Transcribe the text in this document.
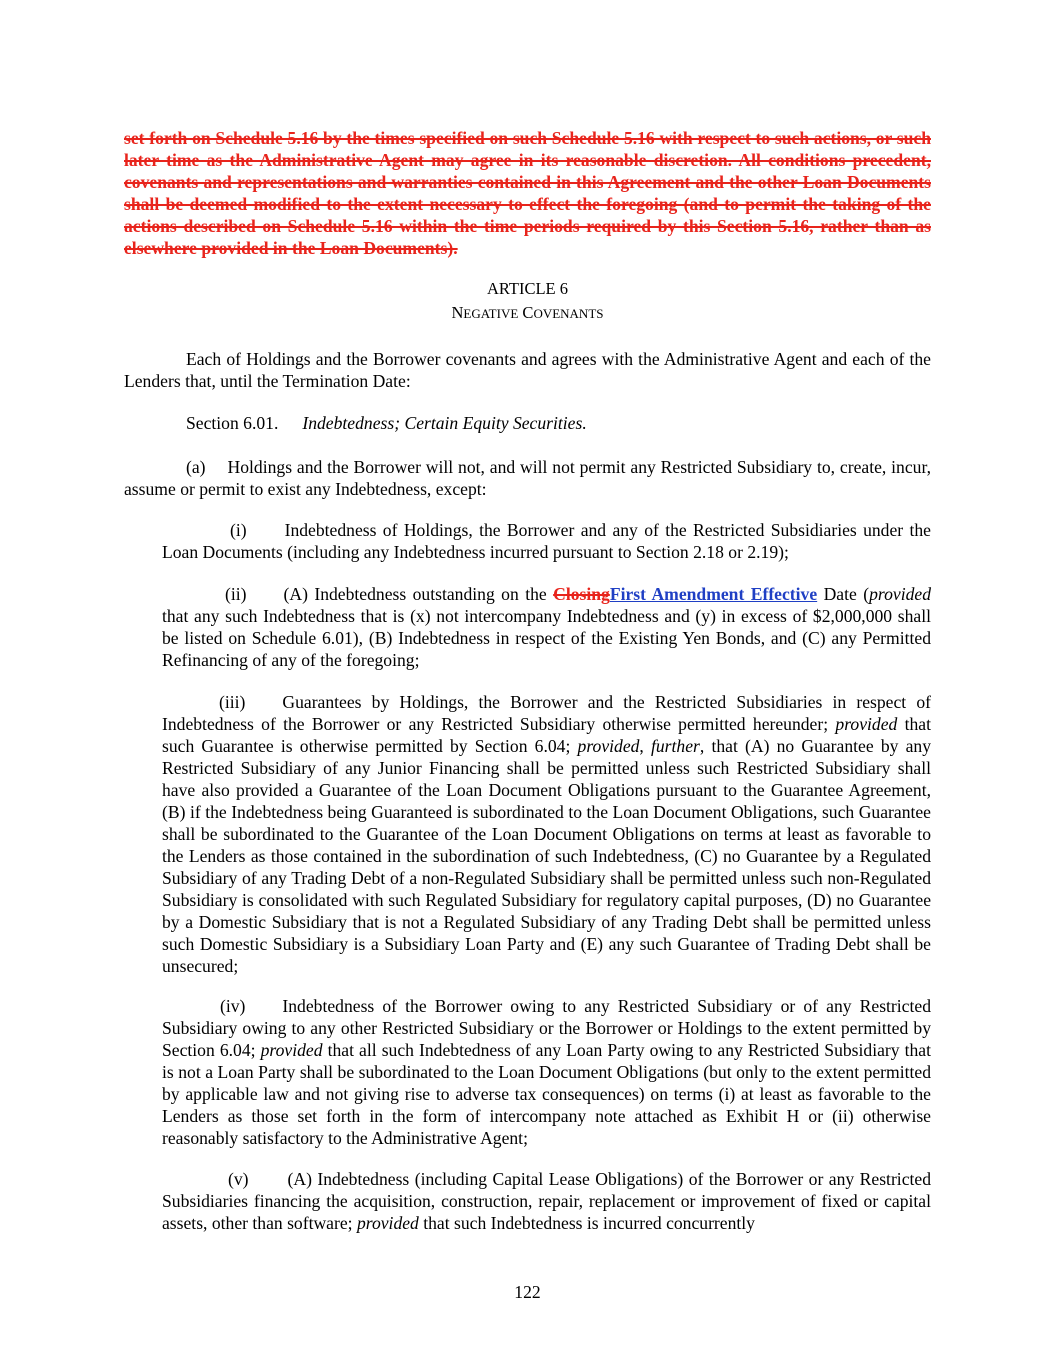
set forth on Schedule 5.16 by the times specified on such Schedule 5.16 with respect to such actions, or such later time as the Administrative Agent may agree in its reasonable discretion. All conditions precedent, covenants and representations and warranties contained in this Agreement and the other Loan Documents shall be deemed modified to the extent necessary to effect the foregoing (and to permit the taking of the actions described on Schedule 5.16 within the time periods required by this Section 5.16, rather than as elsewhere provided in the Loan Documents).

ARTICLE 6

NEGATIVE COVENANTS

Each of Holdings and the Borrower covenants and agrees with the Administrative Agent and each of the Lenders that, until the Termination Date:

Section 6.01. Indebtedness; Certain Equity Securities.

(a) Holdings and the Borrower will not, and will not permit any Restricted Subsidiary to, create, incur, assume or permit to exist any Indebtedness, except:

(i) Indebtedness of Holdings, the Borrower and any of the Restricted Subsidiaries under the Loan Documents (including any Indebtedness incurred pursuant to Section 2.18 or 2.19);

(ii) (A) Indebtedness outstanding on the ClosingFirst Amendment Effective Date (provided that any such Indebtedness that is (x) not intercompany Indebtedness and (y) in excess of $2,000,000 shall be listed on Schedule 6.01), (B) Indebtedness in respect of the Existing Yen Bonds, and (C) any Permitted Refinancing of any of the foregoing;

(iii) Guarantees by Holdings, the Borrower and the Restricted Subsidiaries in respect of Indebtedness of the Borrower or any Restricted Subsidiary otherwise permitted hereunder; provided that such Guarantee is otherwise permitted by Section 6.04; provided, further, that (A) no Guarantee by any Restricted Subsidiary of any Junior Financing shall be permitted unless such Restricted Subsidiary shall have also provided a Guarantee of the Loan Document Obligations pursuant to the Guarantee Agreement, (B) if the Indebtedness being Guaranteed is subordinated to the Loan Document Obligations, such Guarantee shall be subordinated to the Guarantee of the Loan Document Obligations on terms at least as favorable to the Lenders as those contained in the subordination of such Indebtedness, (C) no Guarantee by a Regulated Subsidiary of any Trading Debt of a non-Regulated Subsidiary shall be permitted unless such non-Regulated Subsidiary is consolidated with such Regulated Subsidiary for regulatory capital purposes, (D) no Guarantee by a Domestic Subsidiary that is not a Regulated Subsidiary of any Trading Debt shall be permitted unless such Domestic Subsidiary is a Subsidiary Loan Party and (E) any such Guarantee of Trading Debt shall be unsecured;

(iv) Indebtedness of the Borrower owing to any Restricted Subsidiary or of any Restricted Subsidiary owing to any other Restricted Subsidiary or the Borrower or Holdings to the extent permitted by Section 6.04; provided that all such Indebtedness of any Loan Party owing to any Restricted Subsidiary that is not a Loan Party shall be subordinated to the Loan Document Obligations (but only to the extent permitted by applicable law and not giving rise to adverse tax consequences) on terms (i) at least as favorable to the Lenders as those set forth in the form of intercompany note attached as Exhibit H or (ii) otherwise reasonably satisfactory to the Administrative Agent;

(v) (A) Indebtedness (including Capital Lease Obligations) of the Borrower or any Restricted Subsidiaries financing the acquisition, construction, repair, replacement or improvement of fixed or capital assets, other than software; provided that such Indebtedness is incurred concurrently

122
